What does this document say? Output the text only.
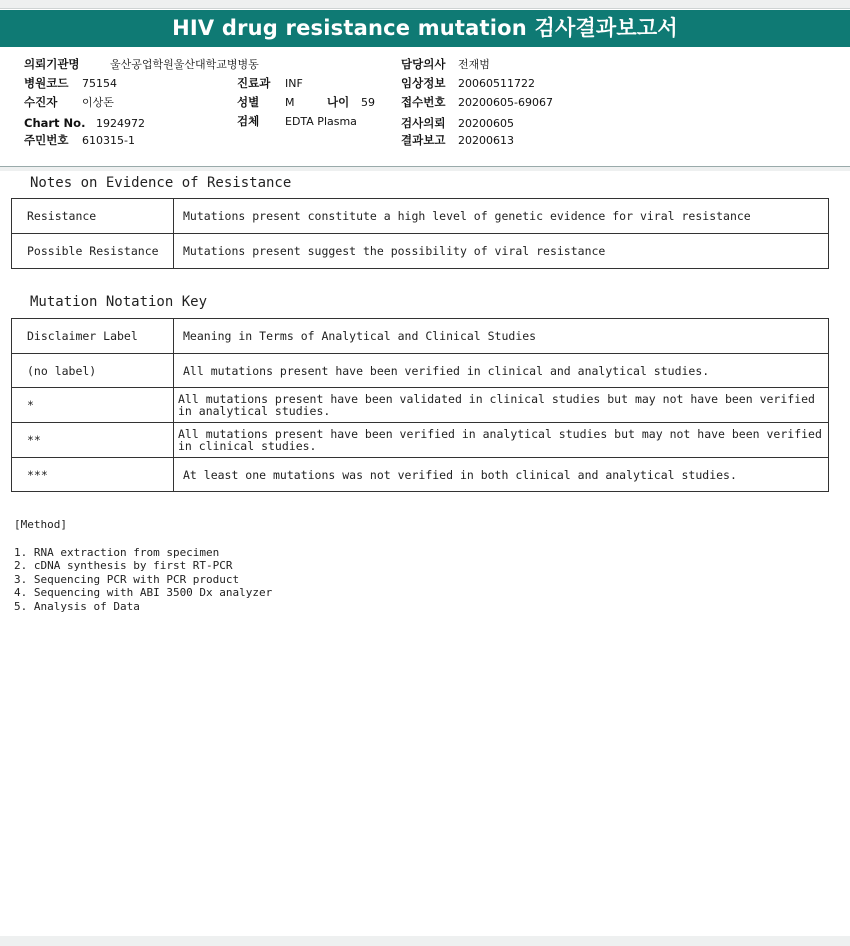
HIV drug resistance mutation 검사결과보고서
의뢰기관명	울산공업학원울산대학교병병동
병원코드 75154
수진자 이상돈
Chart No. 1924972
주민번호 610315-1
진료과 INF
성별 M	나이 59
검체 EDTA Plasma
담당의사 전재범
임상정보 20060511722
접수번호 20200605-69067
검사의뢰 20200605
결과보고 20200613
Notes on Evidence of Resistance
Resistance	Mutations present constitute a high level of genetic evidence for viral resistance
Possible Resistance	Mutations present suggest the possibility of viral resistance
Mutation Notation Key
Disclaimer Label	Meaning in Terms of Analytical and Clinical Studies
(no label)	All mutations present have been verified in clinical and analytical studies.
*	All mutations present have been validated in clinical studies but may not have been verified in analytical studies.
**	All mutations present have been verified in analytical studies but may not have been verified in clinical studies.
***	At least one mutations was not verified in both clinical and analytical studies.
[Method]
1. RNA extraction from specimen
2. cDNA synthesis by first RT-PCR
3. Sequencing PCR with PCR product
4. Sequencing with ABI 3500 Dx analyzer
5. Analysis of Data
